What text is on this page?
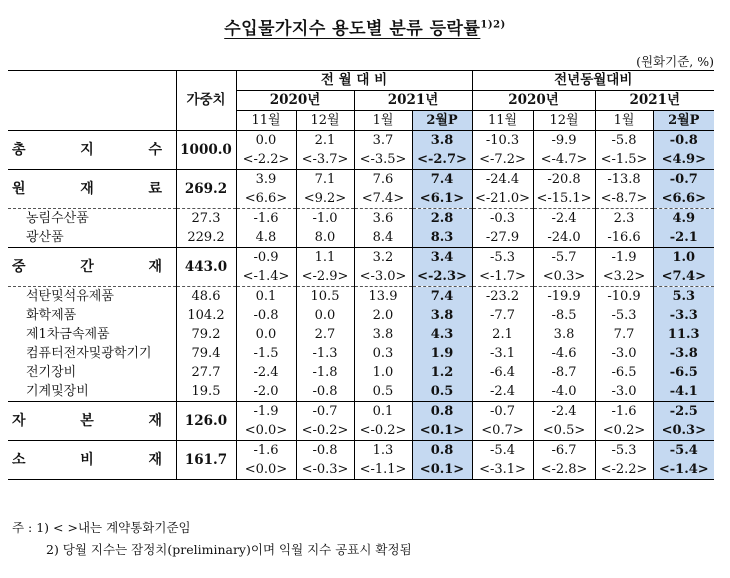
수입물가지수 용도별 분류 등락률$^{1)2)}$
(원화기준, %)
	가중치	전 월 대 비				전년동월대비			
		2020년		2021년		2020년		2021년	
		11월	12월	1월	2월P	11월	12월	1월	2월P
총 지 수	1000.0	0.0	2.1	3.7	3.8	-10.3	-9.9	-5.8	-0.8
		<-2.2>	<-3.7>	<-3.5>	<-2.7>	<-7.2>	<-4.7>	<-1.5>	<4.9>
원 재 료	269.2	3.9	7.1	7.6	7.4	-24.4	-20.8	-13.8	-0.7
		<6.6>	<9.2>	<7.4>	<6.1>	<-21.0>	<-15.1>	<-8.7>	<6.6>
농림수산품	27.3	-1.6	-1.0	3.6	2.8	-0.3	-2.4	2.3	4.9
광산품	229.2	4.8	8.0	8.4	8.3	-27.9	-24.0	-16.6	-2.1
중 간 재	443.0	-0.9	1.1	3.2	3.4	-5.3	-5.7	-1.9	1.0
		<-1.4>	<-2.9>	<-3.0>	<-2.3>	<-1.7>	<0.3>	<3.2>	<7.4>
석탄및석유제품	48.6	0.1	10.5	13.9	7.4	-23.2	-19.9	-10.9	5.3
화학제품	104.2	-0.8	0.0	2.0	3.8	-7.7	-8.5	-5.3	-3.3
제1차금속제품	79.2	0.0	2.7	3.8	4.3	2.1	3.8	7.7	11.3
컴퓨터전자및광학기기	79.4	-1.5	-1.3	0.3	1.9	-3.1	-4.6	-3.0	-3.8
전기장비	27.7	-2.4	-1.8	1.0	1.2	-6.4	-8.7	-6.5	-6.5
기계및장비	19.5	-2.0	-0.8	0.5	0.5	-2.4	-4.0	-3.0	-4.1
자 본 재	126.0	-1.9	-0.7	0.1	0.8	-0.7	-2.4	-1.6	-2.5
		<0.0>	<-0.2>	<-0.2>	<0.1>	<0.7>	<0.5>	<0.2>	<0.3>
소 비 재	161.7	-1.6	-0.8	1.3	0.8	-5.4	-6.7	-5.3	-5.4
		<0.0>	<-0.3>	<-1.1>	<0.1>	<-3.1>	<-2.8>	<-2.2>	<-1.4>
주 : 1) < >내는 계약통화기준임
2) 당월 지수는 잠정치(preliminary)이며 익월 지수 공표시 확정됨
